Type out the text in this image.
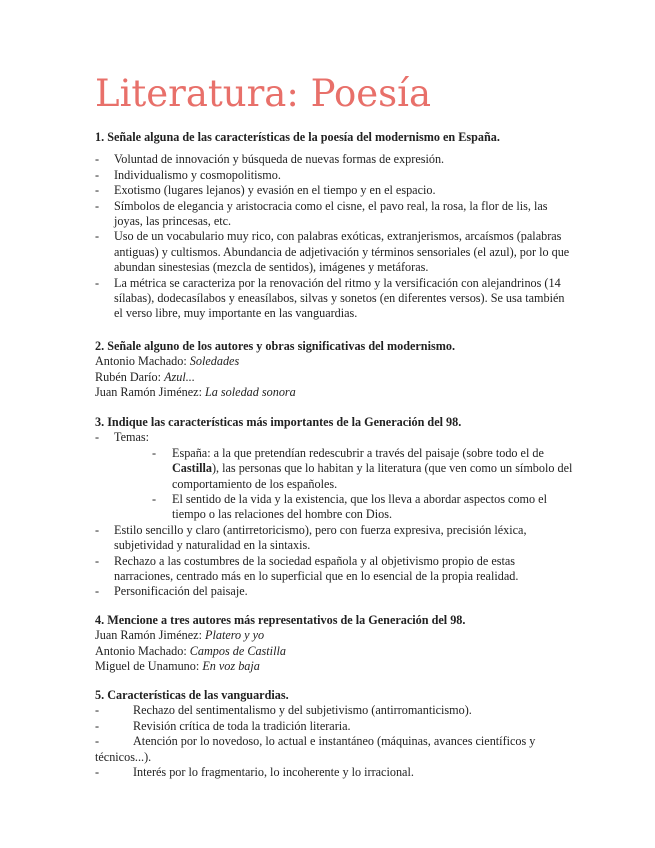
Literatura: Poesía
1. Señale alguna de las características de la poesía del modernismo en España.
- Voluntad de innovación y búsqueda de nuevas formas de expresión.
- Individualismo y cosmopolitismo.
- Exotismo (lugares lejanos) y evasión en el tiempo y en el espacio.
- Símbolos de elegancia y aristocracia como el cisne, el pavo real, la rosa, la flor de lis, las joyas, las princesas, etc.
- Uso de un vocabulario muy rico, con palabras exóticas, extranjerismos, arcaísmos (palabras antiguas) y cultismos. Abundancia de adjetivación y términos sensoriales (el azul), por lo que abundan sinestesias (mezcla de sentidos), imágenes y metáforas.
- La métrica se caracteriza por la renovación del ritmo y la versificación con alejandrinos (14 sílabas), dodecasílabos y eneasílabos, silvas y sonetos (en diferentes versos). Se usa también el verso libre, muy importante en las vanguardias.
2. Señale alguno de los autores y obras significativas del modernismo.
Antonio Machado: Soledades
Rubén Darío: Azul...
Juan Ramón Jiménez: La soledad sonora
3. Indique las características más importantes de la Generación del 98.
- Temas:
- España: a la que pretendían redescubrir a través del paisaje (sobre todo el de Castilla), las personas que lo habitan y la literatura (que ven como un símbolo del comportamiento de los españoles.
- El sentido de la vida y la existencia, que los lleva a abordar aspectos como el tiempo o las relaciones del hombre con Dios.
- Estilo sencillo y claro (antirretoricismo), pero con fuerza expresiva, precisión léxica, subjetividad y naturalidad en la sintaxis.
- Rechazo a las costumbres de la sociedad española y al objetivismo propio de estas narraciones, centrado más en lo superficial que en lo esencial de la propia realidad.
- Personificación del paisaje.
4. Mencione a tres autores más representativos de la Generación del 98.
Juan Ramón Jiménez: Platero y yo
Antonio Machado: Campos de Castilla
Miguel de Unamuno: En voz baja
5. Características de las vanguardias.
- Rechazo del sentimentalismo y del subjetivismo (antirromanticismo).
- Revisión crítica de toda la tradición literaria.
- Atención por lo novedoso, lo actual e instantáneo (máquinas, avances científicos y técnicos...).
- Interés por lo fragmentario, lo incoherente y lo irracional.
